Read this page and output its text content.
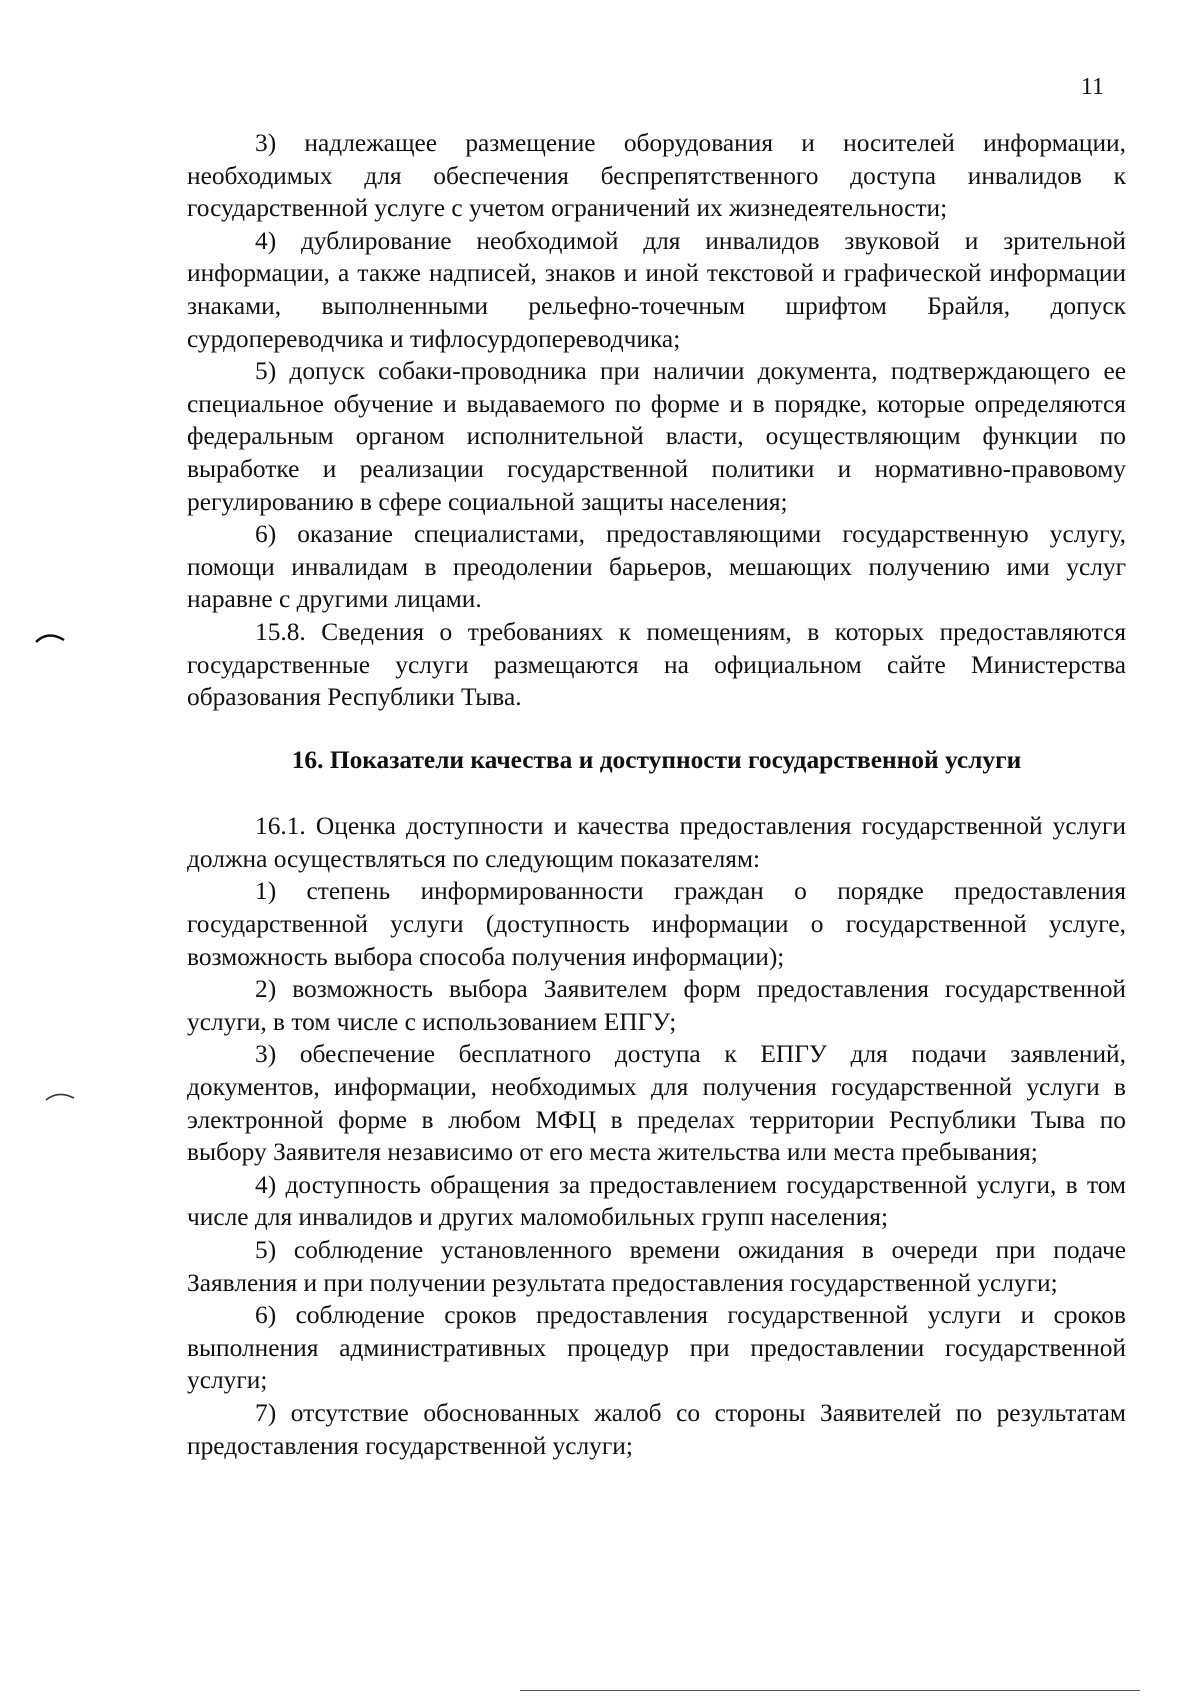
11

3) надлежащее размещение оборудования и носителей информации, необходимых для обеспечения беспрепятственного доступа инвалидов к государственной услуге с учетом ограничений их жизнедеятельности;

4) дублирование необходимой для инвалидов звуковой и зрительной информации, а также надписей, знаков и иной текстовой и графической информации знаками, выполненными рельефно-точечным шрифтом Брайля, допуск сурдопереводчика и тифлосурдопереводчика;

5) допуск собаки-проводника при наличии документа, подтверждающего ее специальное обучение и выдаваемого по форме и в порядке, которые определяются федеральным органом исполнительной власти, осуществляющим функции по выработке и реализации государственной политики и нормативно-правовому регулированию в сфере социальной защиты населения;

6) оказание специалистами, предоставляющими государственную услугу, помощи инвалидам в преодолении барьеров, мешающих получению ими услуг наравне с другими лицами.

15.8. Сведения о требованиях к помещениям, в которых предоставляются государственные услуги размещаются на официальном сайте Министерства образования Республики Тыва.

16. Показатели качества и доступности государственной услуги

16.1. Оценка доступности и качества предоставления государственной услуги должна осуществляться по следующим показателям:

1) степень информированности граждан о порядке предоставления государственной услуги (доступность информации о государственной услуге, возможность выбора способа получения информации);

2) возможность выбора Заявителем форм предоставления государственной услуги, в том числе с использованием ЕПГУ;

3) обеспечение бесплатного доступа к ЕПГУ для подачи заявлений, документов, информации, необходимых для получения государственной услуги в электронной форме в любом МФЦ в пределах территории Республики Тыва по выбору Заявителя независимо от его места жительства или места пребывания;

4) доступность обращения за предоставлением государственной услуги, в том числе для инвалидов и других маломобильных групп населения;

5) соблюдение установленного времени ожидания в очереди при подаче Заявления и при получении результата предоставления государственной услуги;

6) соблюдение сроков предоставления государственной услуги и сроков выполнения административных процедур при предоставлении государственной услуги;

7) отсутствие обоснованных жалоб со стороны Заявителей по результатам предоставления государственной услуги;
